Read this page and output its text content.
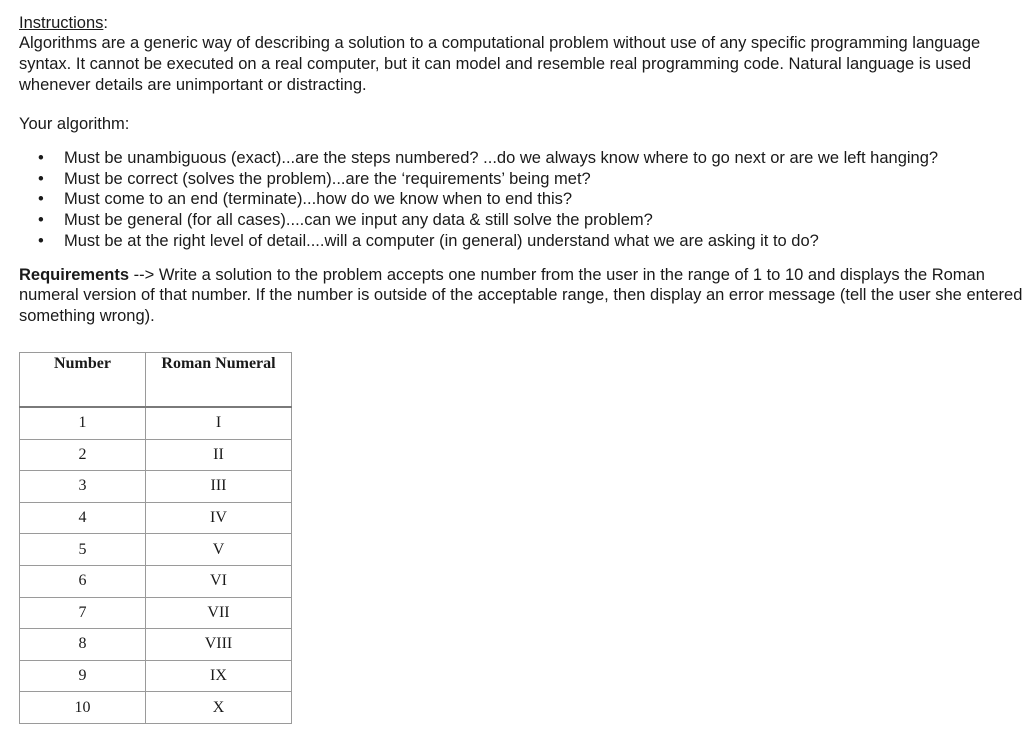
Instructions:

Algorithms are a generic way of describing a solution to a computational problem without use of any specific programming language syntax. It cannot be executed on a real computer, but it can model and resemble real programming code. Natural language is used whenever details are unimportant or distracting.

Your algorithm:
• Must be unambiguous (exact)...are the steps numbered? ...do we always know where to go next or are we left hanging?
• Must be correct (solves the problem)...are the ‘requirements’ being met?
• Must come to an end (terminate)...how do we know when to end this?
• Must be general (for all cases)....can we input any data & still solve the problem?
• Must be at the right level of detail....will a computer (in general) understand what we are asking it to do?
Requirements --> Write a solution to the problem accepts one number from the user in the range of 1 to 10 and displays the Roman numeral version of that number. If the number is outside of the acceptable range, then display an error message (tell the user she entered something wrong).
Number	Roman Numeral
1	I
2	II
3	III
4	IV
5	V
6	VI
7	VII
8	VIII
9	IX
10	X
